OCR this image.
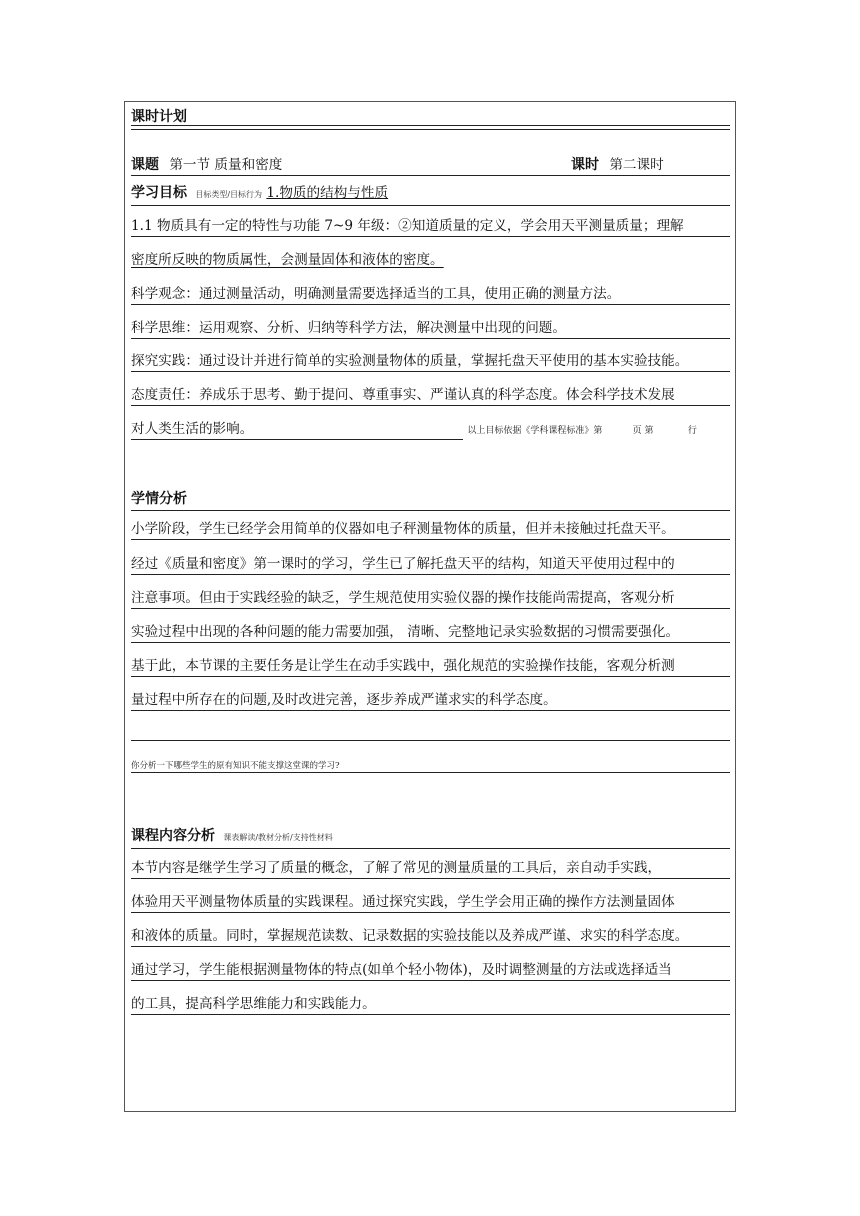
课时计划
课题 第一节 质量和密度	课时 第二课时
学习目标 目标类型/目标行为 1.物质的结构与性质
1.1 物质具有一定的特性与功能 7~9 年级：②知道质量的定义，学会用天平测量质量；理解
密度所反映的物质属性，会测量固体和液体的密度。
科学观念：通过测量活动，明确测量需要选择适当的工具，使用正确的测量方法。
科学思维：运用观察、分析、归纳等科学方法，解决测量中出现的问题。
探究实践：通过设计并进行简单的实验测量物体的质量，掌握托盘天平使用的基本实验技能。
态度责任：养成乐于思考、勤于提问、尊重事实、严谨认真的科学态度。体会科学技术发展
对人类生活的影响。	以上目标依据《学科课程标准》第	页 第	行
学情分析
小学阶段，学生已经学会用简单的仪器如电子秤测量物体的质量，但并未接触过托盘天平。
经过《质量和密度》第一课时的学习，学生已了解托盘天平的结构，知道天平使用过程中的
注意事项。但由于实践经验的缺乏，学生规范使用实验仪器的操作技能尚需提高，客观分析
实验过程中出现的各种问题的能力需要加强， 清晰、完整地记录实验数据的习惯需要强化。
基于此，本节课的主要任务是让学生在动手实践中，强化规范的实验操作技能，客观分析测
量过程中所存在的问题,及时改进完善，逐步养成严谨求实的科学态度。
你分析一下哪些学生的原有知识不能支撑这堂课的学习?
课程内容分析 课表解读/教材分析/支持性材料
本节内容是继学生学习了质量的概念，了解了常见的测量质量的工具后，亲自动手实践，
体验用天平测量物体质量的实践课程。通过探究实践，学生学会用正确的操作方法测量固体
和液体的质量。同时，掌握规范读数、记录数据的实验技能以及养成严谨、求实的科学态度。
通过学习，学生能根据测量物体的特点(如单个轻小物体)，及时调整测量的方法或选择适当
的工具，提高科学思维能力和实践能力。
